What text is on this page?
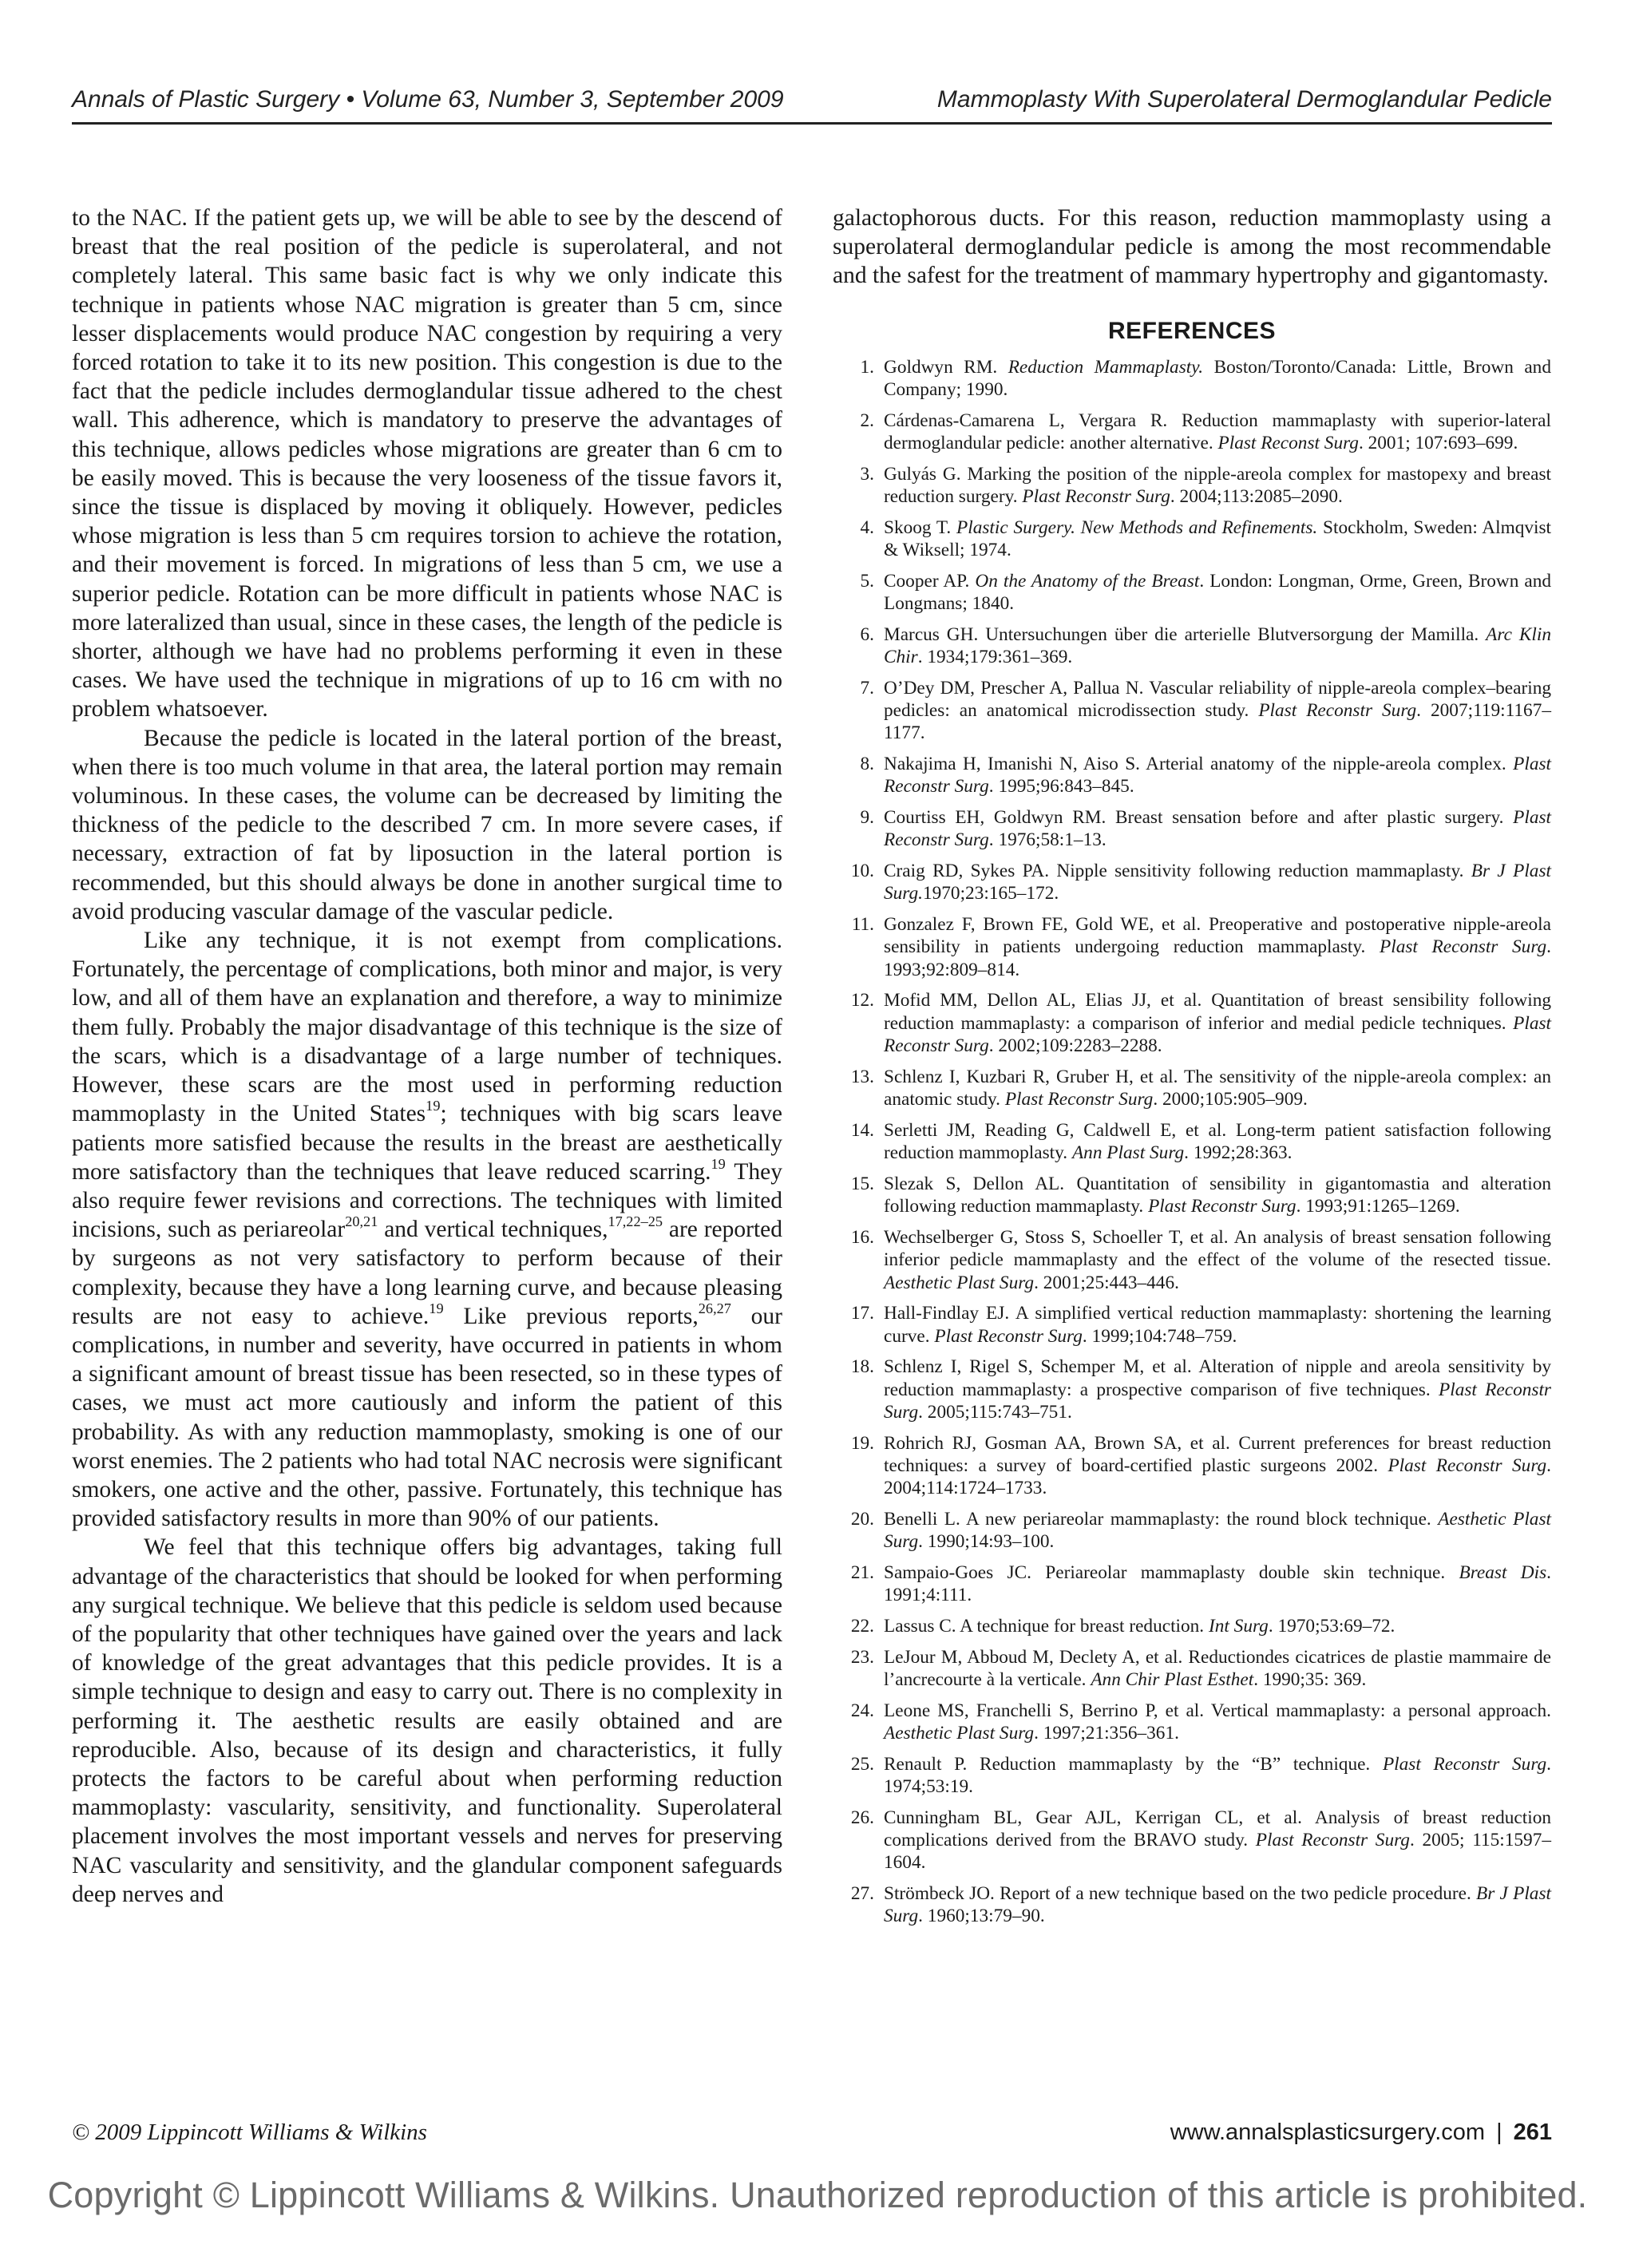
Annals of Plastic Surgery • Volume 63, Number 3, September 2009	Mammoplasty With Superolateral Dermoglandular Pedicle

to the NAC. If the patient gets up, we will be able to see by the descend of breast that the real position of the pedicle is superolateral, and not completely lateral. This same basic fact is why we only indicate this technique in patients whose NAC migration is greater than 5 cm, since lesser displacements would produce NAC congestion by requiring a very forced rotation to take it to its new position. This congestion is due to the fact that the pedicle includes dermoglandular tissue adhered to the chest wall. This adherence, which is mandatory to preserve the advantages of this technique, allows pedicles whose migrations are greater than 6 cm to be easily moved. This is because the very looseness of the tissue favors it, since the tissue is displaced by moving it obliquely. However, pedicles whose migration is less than 5 cm requires torsion to achieve the rotation, and their movement is forced. In migrations of less than 5 cm, we use a superior pedicle. Rotation can be more difficult in patients whose NAC is more lateralized than usual, since in these cases, the length of the pedicle is shorter, although we have had no problems performing it even in these cases. We have used the technique in migrations of up to 16 cm with no problem whatsoever.

Because the pedicle is located in the lateral portion of the breast, when there is too much volume in that area, the lateral portion may remain voluminous. In these cases, the volume can be decreased by limiting the thickness of the pedicle to the described 7 cm. In more severe cases, if necessary, extraction of fat by liposuction in the lateral portion is recommended, but this should always be done in another surgical time to avoid producing vascular damage of the vascular pedicle.

Like any technique, it is not exempt from complications. Fortunately, the percentage of complications, both minor and major, is very low, and all of them have an explanation and therefore, a way to minimize them fully. Probably the major disadvantage of this technique is the size of the scars, which is a disadvantage of a large number of techniques. However, these scars are the most used in performing reduction mammoplasty in the United States$^{19}$; techniques with big scars leave patients more satisfied because the results in the breast are aesthetically more satisfactory than the techniques that leave reduced scarring.$^{19}$ They also require fewer revisions and corrections. The techniques with limited incisions, such as periareolar$^{20,21}$ and vertical techniques,$^{17,22-25}$ are reported by surgeons as not very satisfactory to perform because of their complexity, because they have a long learning curve, and because pleasing results are not easy to achieve.$^{19}$ Like previous reports,$^{26,27}$ our complications, in number and severity, have occurred in patients in whom a significant amount of breast tissue has been resected, so in these types of cases, we must act more cautiously and inform the patient of this probability. As with any reduction mammoplasty, smoking is one of our worst enemies. The 2 patients who had total NAC necrosis were significant smokers, one active and the other, passive. Fortunately, this technique has provided satisfactory results in more than 90% of our patients.

We feel that this technique offers big advantages, taking full advantage of the characteristics that should be looked for when performing any surgical technique. We believe that this pedicle is seldom used because of the popularity that other techniques have gained over the years and lack of knowledge of the great advantages that this pedicle provides. It is a simple technique to design and easy to carry out. There is no complexity in performing it. The aesthetic results are easily obtained and are reproducible. Also, because of its design and characteristics, it fully protects the factors to be careful about when performing reduction mammoplasty: vascularity, sensitivity, and functionality. Superolateral placement involves the most important vessels and nerves for preserving NAC vascularity and sensitivity, and the glandular component safeguards deep nerves and

galactophorous ducts. For this reason, reduction mammoplasty using a superolateral dermoglandular pedicle is among the most recommendable and the safest for the treatment of mammary hypertrophy and gigantomasty.

REFERENCES
1. Goldwyn RM. Reduction Mammaplasty. Boston/Toronto/Canada: Little, Brown and Company; 1990.
2. Cárdenas-Camarena L, Vergara R. Reduction mammaplasty with superior-lateral dermoglandular pedicle: another alternative. Plast Reconst Surg. 2001; 107:693–699.
3. Gulyás G. Marking the position of the nipple-areola complex for mastopexy and breast reduction surgery. Plast Reconstr Surg. 2004;113:2085–2090.
4. Skoog T. Plastic Surgery. New Methods and Refinements. Stockholm, Sweden: Almqvist & Wiksell; 1974.
5. Cooper AP. On the Anatomy of the Breast. London: Longman, Orme, Green, Brown and Longmans; 1840.
6. Marcus GH. Untersuchungen über die arterielle Blutversorgung der Mamilla. Arc Klin Chir. 1934;179:361–369.
7. O’Dey DM, Prescher A, Pallua N. Vascular reliability of nipple-areola complex–bearing pedicles: an anatomical microdissection study. Plast Reconstr Surg. 2007;119:1167–1177.
8. Nakajima H, Imanishi N, Aiso S. Arterial anatomy of the nipple-areola complex. Plast Reconstr Surg. 1995;96:843–845.
9. Courtiss EH, Goldwyn RM. Breast sensation before and after plastic surgery. Plast Reconstr Surg. 1976;58:1–13.
10. Craig RD, Sykes PA. Nipple sensitivity following reduction mammaplasty. Br J Plast Surg.1970;23:165–172.
11. Gonzalez F, Brown FE, Gold WE, et al. Preoperative and postoperative nipple-areola sensibility in patients undergoing reduction mammaplasty. Plast Reconstr Surg. 1993;92:809–814.
12. Mofid MM, Dellon AL, Elias JJ, et al. Quantitation of breast sensibility following reduction mammaplasty: a comparison of inferior and medial pedicle techniques. Plast Reconstr Surg. 2002;109:2283–2288.
13. Schlenz I, Kuzbari R, Gruber H, et al. The sensitivity of the nipple-areola complex: an anatomic study. Plast Reconstr Surg. 2000;105:905–909.
14. Serletti JM, Reading G, Caldwell E, et al. Long-term patient satisfaction following reduction mammoplasty. Ann Plast Surg. 1992;28:363.
15. Slezak S, Dellon AL. Quantitation of sensibility in gigantomastia and alteration following reduction mammaplasty. Plast Reconstr Surg. 1993;91:1265–1269.
16. Wechselberger G, Stoss S, Schoeller T, et al. An analysis of breast sensation following inferior pedicle mammaplasty and the effect of the volume of the resected tissue. Aesthetic Plast Surg. 2001;25:443–446.
17. Hall-Findlay EJ. A simplified vertical reduction mammaplasty: shortening the learning curve. Plast Reconstr Surg. 1999;104:748–759.
18. Schlenz I, Rigel S, Schemper M, et al. Alteration of nipple and areola sensitivity by reduction mammaplasty: a prospective comparison of five techniques. Plast Reconstr Surg. 2005;115:743–751.
19. Rohrich RJ, Gosman AA, Brown SA, et al. Current preferences for breast reduction techniques: a survey of board-certified plastic surgeons 2002. Plast Reconstr Surg. 2004;114:1724–1733.
20. Benelli L. A new periareolar mammaplasty: the round block technique. Aesthetic Plast Surg. 1990;14:93–100.
21. Sampaio-Goes JC. Periareolar mammaplasty double skin technique. Breast Dis. 1991;4:111.
22. Lassus C. A technique for breast reduction. Int Surg. 1970;53:69–72.
23. LeJour M, Abboud M, Declety A, et al. Reductiondes cicatrices de plastie mammaire de l’ancrecourte à la verticale. Ann Chir Plast Esthet. 1990;35: 369.
24. Leone MS, Franchelli S, Berrino P, et al. Vertical mammaplasty: a personal approach. Aesthetic Plast Surg. 1997;21:356–361.
25. Renault P. Reduction mammaplasty by the “B” technique. Plast Reconstr Surg. 1974;53:19.
26. Cunningham BL, Gear AJL, Kerrigan CL, et al. Analysis of breast reduction complications derived from the BRAVO study. Plast Reconstr Surg. 2005; 115:1597–1604.
27. Strömbeck JO. Report of a new technique based on the two pedicle procedure. Br J Plast Surg. 1960;13:79–90.
© 2009 Lippincott Williams & Wilkins	www.annalsplasticsurgery.com | 261
Copyright © Lippincott Williams & Wilkins. Unauthorized reproduction of this article is prohibited.
